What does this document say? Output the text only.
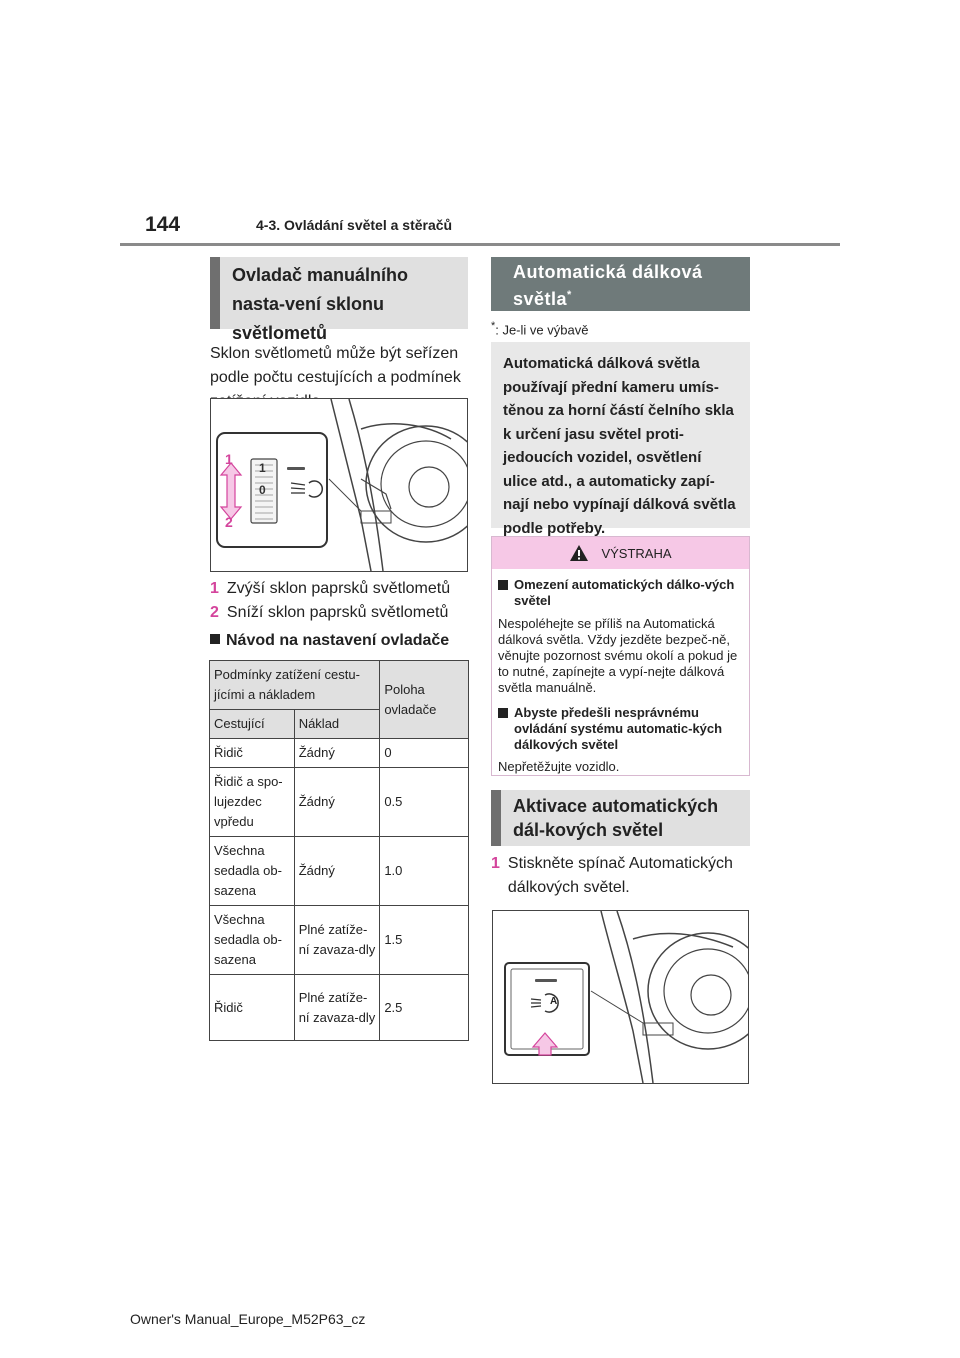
144	4-3. Ovládání světel a stěračů
Ovladač manuálního nasta-vení sklonu světlometů
Sklon světlometů může být seřízen podle počtu cestujících a podmínek
1
2
1
0
1 Zvýší sklon paprsků světlometů
2 Sníží sklon paprsků světlometů
Návod na nastavení ovladače
Podmínky zatížení cestu-jícími a nákladem		Poloha ovladače
Cestující	Náklad	
Řidič	Žádný	0
Řidič a spo-lujezdec vpředu	Žádný	0.5
Všechna sedadla ob-sazena	Žádný	1.0
Všechna sedadla ob-sazena	Plné zatíže-ní zavaza-dly	1.5
Řidič	Plné zatíže-ní zavaza-dly	2.5
Automatická dálková světla*
*: Je-li ve výbavě
Automatická dálková světla používají přední kameru umís-těnou za horní částí čelního skla k určení jasu světel proti-jedoucích vozidel, osvětlení ulice atd., a automaticky zapí-nají nebo vypínají dálková světla podle potřeby.
VÝSTRAHA
Omezení automatických dálko-vých světel
Nespoléhejte se příliš na Automatická dálková světla. Vždy jezděte bezpeč-ně, věnujte pozornost svému okolí a pokud je to nutné, zapínejte a vypí-nejte dálková světla manuálně.
Abyste předešli nesprávnému ovládání systému automatic-kých dálkových světel
Nepřetěžujte vozidlo.
Aktivace automatických dál-kových světel
1 Stiskněte spínač Automatických dálkových světel.
A
Owner's Manual_Europe_M52P63_cz
